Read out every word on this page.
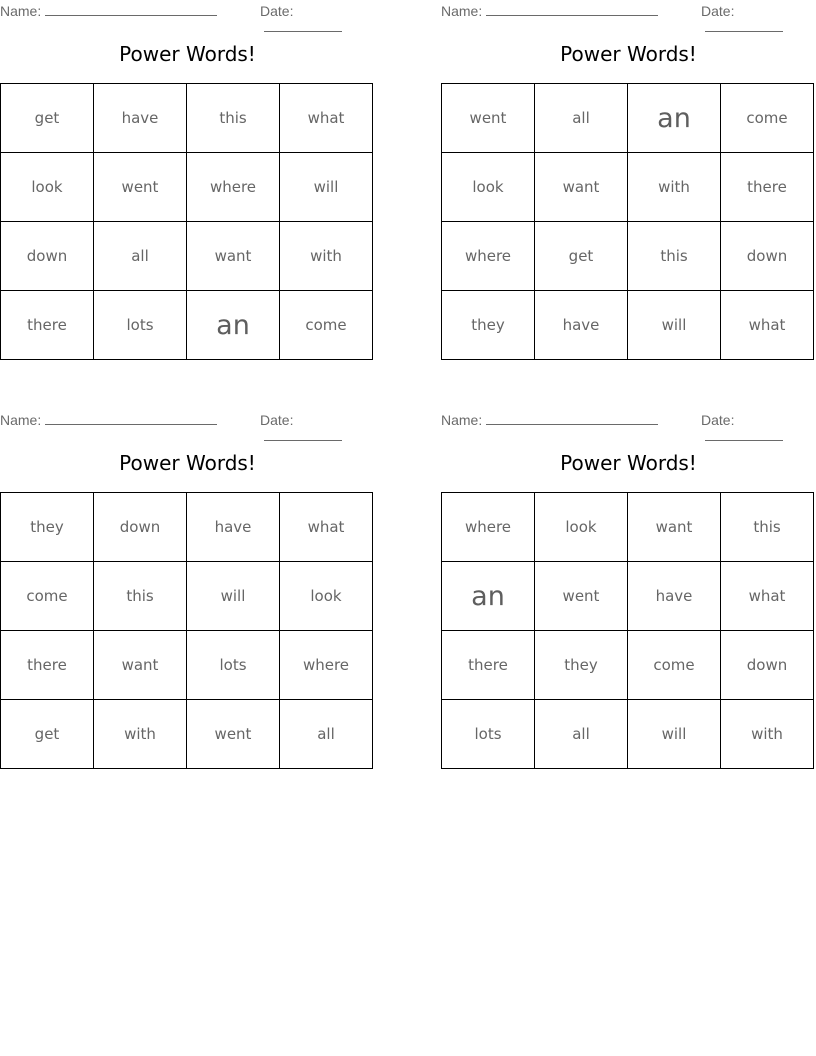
Name:	Date:
Power Words!
get	have	this	what
look	went	where	will
down	all	want	with
there	lots	an	come
Name:	Date:
Power Words!
went	all	an	come
look	want	with	there
where	get	this	down
they	have	will	what
Name:	Date:
Power Words!
they	down	have	what
come	this	will	look
there	want	lots	where
get	with	went	all
Name:	Date:
Power Words!
where	look	want	this
an	went	have	what
there	they	come	down
lots	all	will	with
